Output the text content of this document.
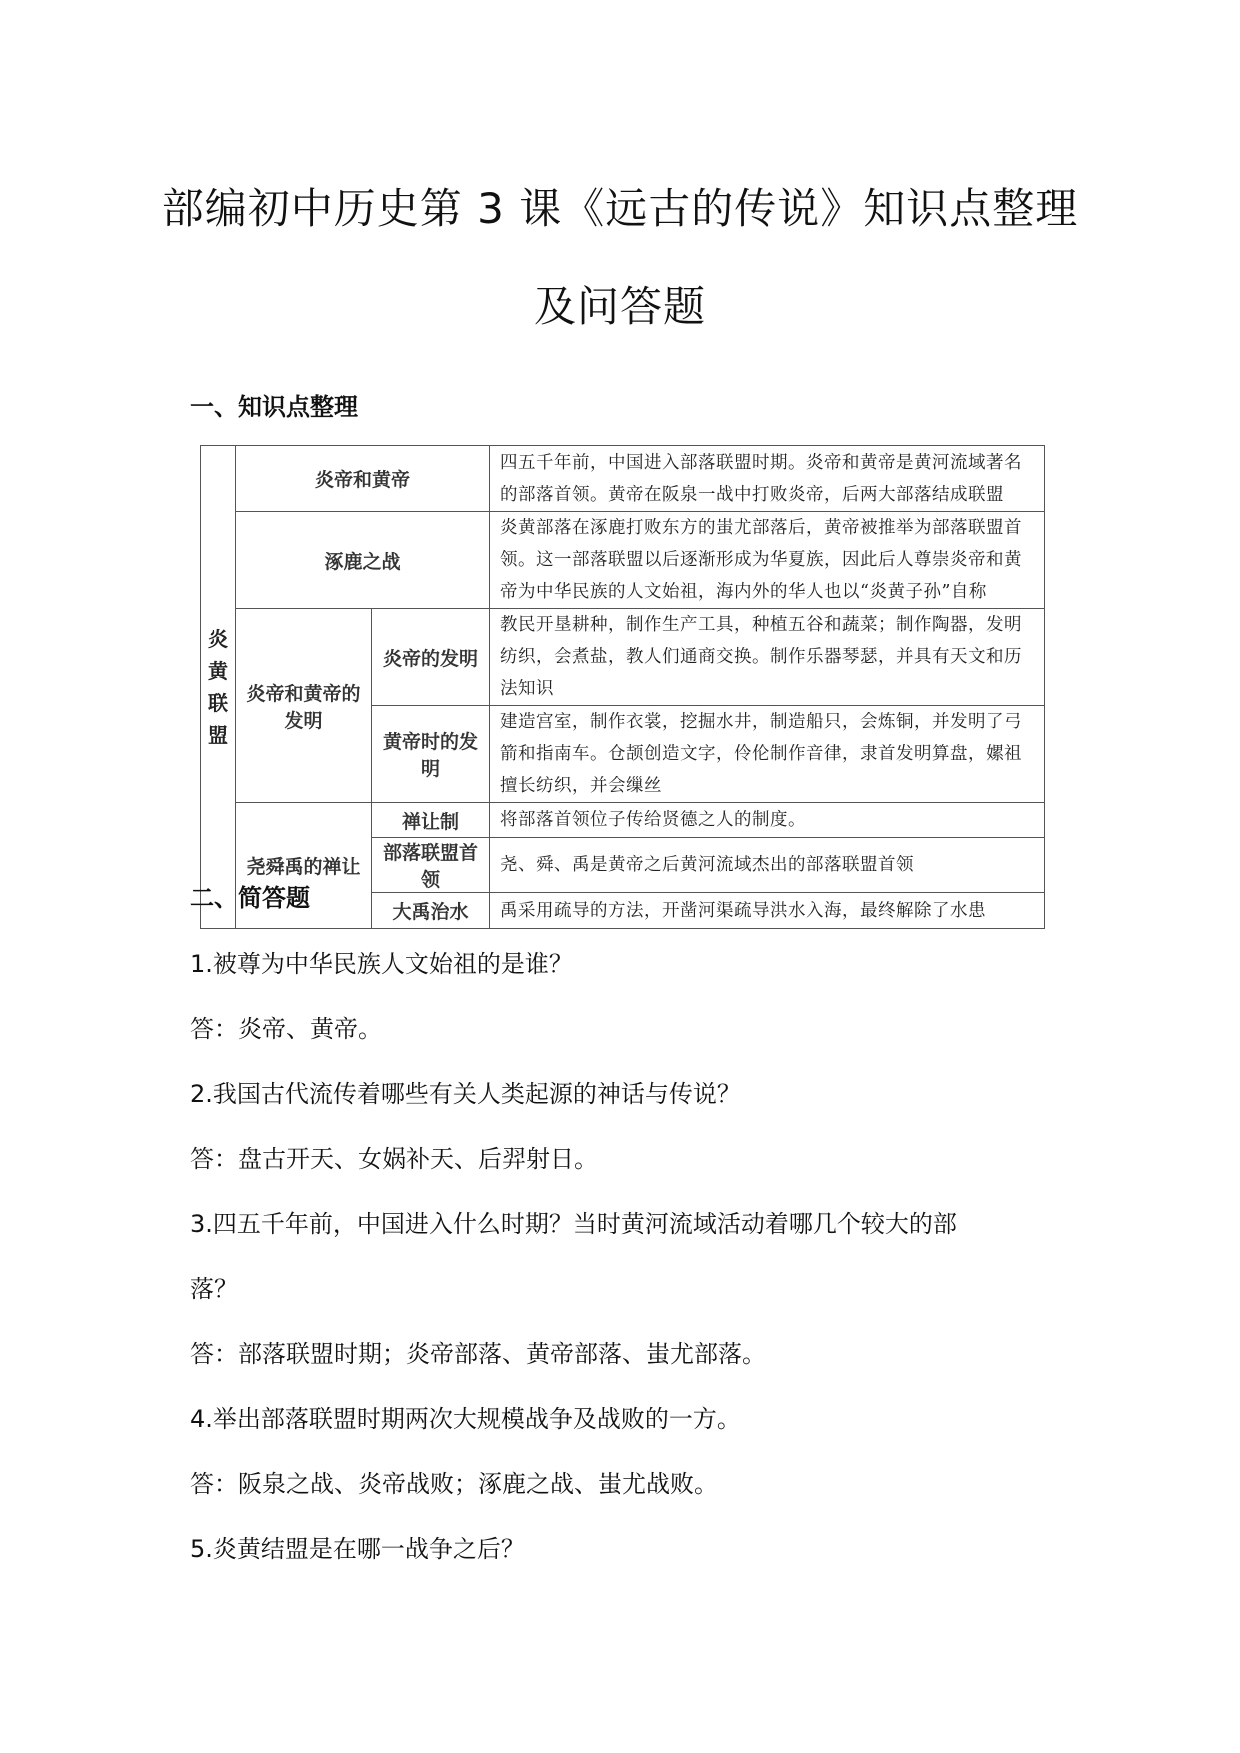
部编初中历史第 3 课《远古的传说》知识点整理
及问答题
一、知识点整理
炎黄联盟	炎帝和黄帝		四五千年前，中国进入部落联盟时期。炎帝和黄帝是黄河流域著名的部落首领。黄帝在阪泉一战中打败炎帝，后两大部落结成联盟
	涿鹿之战		炎黄部落在涿鹿打败东方的蚩尤部落后，黄帝被推举为部落联盟首领。这一部落联盟以后逐渐形成为华夏族，因此后人尊崇炎帝和黄帝为中华民族的人文始祖，海内外的华人也以“炎黄子孙”自称
	炎帝和黄帝的发明	炎帝的发明	教民开垦耕种，制作生产工具，种植五谷和蔬菜；制作陶器，发明纺织，会煮盐，教人们通商交换。制作乐器琴瑟，并具有天文和历法知识
		黄帝时的发明	建造宫室，制作衣裳，挖掘水井，制造船只，会炼铜，并发明了弓箭和指南车。仓颉创造文字，伶伦制作音律，隶首发明算盘，嫘祖擅长纺织，并会缫丝
	尧舜禹的禅让	禅让制	将部落首领位子传给贤德之人的制度。
		部落联盟首领	尧、舜、禹是黄帝之后黄河流域杰出的部落联盟首领
		大禹治水	禹采用疏导的方法，开凿河渠疏导洪水入海，最终解除了水患
二、简答题
1.被尊为中华民族人文始祖的是谁？
答：炎帝、黄帝。
2.我国古代流传着哪些有关人类起源的神话与传说？
答：盘古开天、女娲补天、后羿射日。
3.四五千年前，中国进入什么时期？当时黄河流域活动着哪几个较大的部
落？
答：部落联盟时期；炎帝部落、黄帝部落、蚩尤部落。
4.举出部落联盟时期两次大规模战争及战败的一方。
答：阪泉之战、炎帝战败；涿鹿之战、蚩尤战败。
5.炎黄结盟是在哪一战争之后？
